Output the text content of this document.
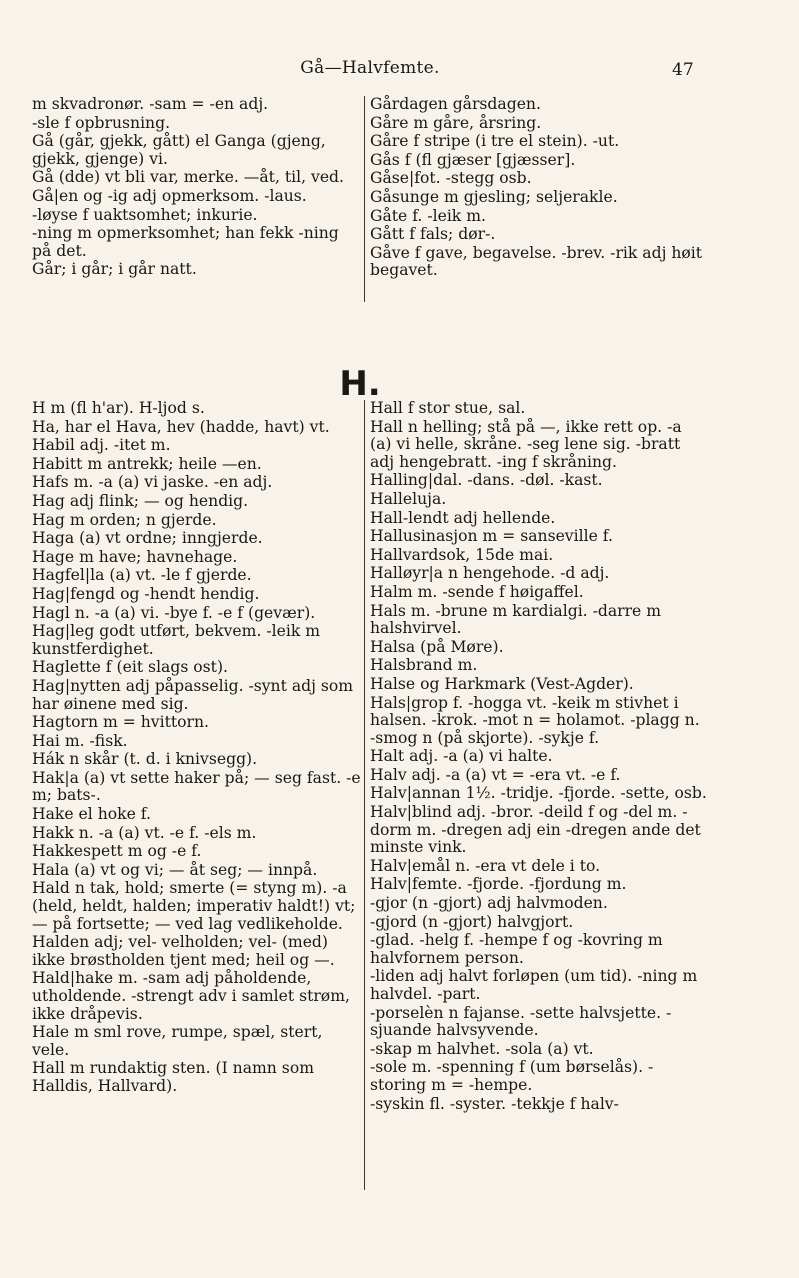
Gå—Halvfemte.	47
m skvadronør. -sam = -en adj.
-sle f opbrusning.
Gå (går, gjekk, gått) el Ganga (gjeng, gjekk, gjenge) vi.
Gå (dde) vt bli var, merke. —åt, til, ved.
Gå|en og -ig adj opmerksom. -laus.
-løyse f uaktsomhet; inkurie.
-ning m opmerksomhet; han fekk -ning på det.
Går; i går; i går natt.
Gårdagen gårsdagen.
Gåre m gåre, årsring.
Gåre f stripe (i tre el stein). -ut.
Gås f (fl gjæser [gjæsser].
Gåse|fot. -stegg osb.
Gåsunge m gjesling; seljerakle.
Gåte f. -leik m.
Gått f fals; dør-.
Gåve f gave, begavelse. -brev. -rik adj høit begavet.
H.
H m (fl h'ar). H-ljod s.
Ha, har el Hava, hev (hadde, havt) vt.
Habil adj. -itet m.
Habitt m antrekk; heile —en.
Hafs m. -a (a) vi jaske. -en adj.
Hag adj flink; — og hendig.
Hag m orden; n gjerde.
Haga (a) vt ordne; inngjerde.
Hage m have; havnehage.
Hagfel|la (a) vt. -le f gjerde.
Hag|fengd og -hendt hendig.
Hagl n. -a (a) vi. -bye f. -e f (gevær).
Hag|leg godt utført, bekvem. -leik m kunstferdighet.
Haglette f (eit slags ost).
Hag|nytten adj påpasselig. -synt adj som har øinene med sig.
Hagtorn m = hvittorn.
Hai m. -fisk.
Hák n skår (t. d. i knivsegg).
Hak|a (a) vt sette haker på; — seg fast. -e m; bats-.
Hake el hoke f.
Hakk n. -a (a) vt. -e f. -els m.
Hakkespett m og -e f.
Hala (a) vt og vi; — åt seg; — innpå.
Hald n tak, hold; smerte (= styng m). -a (held, heldt, halden; imperativ haldt!) vt; — på fortsette; — ved lag vedlikeholde.
Halden adj; vel- velholden; vel- (med) ikke brøstholden tjent med; heil og —.
Hald|hake m. -sam adj påholdende, utholdende. -strengt adv i samlet strøm, ikke dråpevis.
Hale m sml rove, rumpe, spæl, stert, vele.
Hall m rundaktig sten. (I namn som Halldis, Hallvard).
Hall f stor stue, sal.
Hall n helling; stå på —, ikke rett op. -a (a) vi helle, skråne. -seg lene sig. -bratt adj hengebratt. -ing f skråning.
Halling|dal. -dans. -døl. -kast.
Halleluja.
Hall-lendt adj hellende.
Hallusinasjon m = sanseville f.
Hallvardsok, 15de mai.
Halløyr|a n hengehode. -d adj.
Halm m. -sende f høigaffel.
Hals m. -brune m kardialgi. -darre m halshvirvel.
Halsa (på Møre).
Halsbrand m.
Halse og Harkmark (Vest-Agder).
Hals|grop f. -hogga vt. -keik m stivhet i halsen. -krok. -mot n = holamot. -plagg n. -smog n (på skjorte). -sykje f.
Halt adj. -a (a) vi halte.
Halv adj. -a (a) vt = -era vt. -e f.
Halv|annan 1½. -tridje. -fjorde. -sette, osb.
Halv|blind adj. -bror. -deild f og -del m. -dorm m. -dregen adj ein -dregen ande det minste vink.
Halv|emål n. -era vt dele i to.
Halv|femte. -fjorde. -fjordung m.
-gjor (n -gjort) adj halvmoden.
-gjord (n -gjort) halvgjort.
-glad. -helg f. -hempe f og -kovring m halvfornem person.
-liden adj halvt forløpen (um tid). -ning m halvdel. -part.
-porselèn n fajanse. -sette halvsjette. -sjuande halvsyvende.
-skap m halvhet. -sola (a) vt.
-sole m. -spenning f (um børselås). -storing m = -hempe.
-syskin fl. -syster. -tekkje f halv-
